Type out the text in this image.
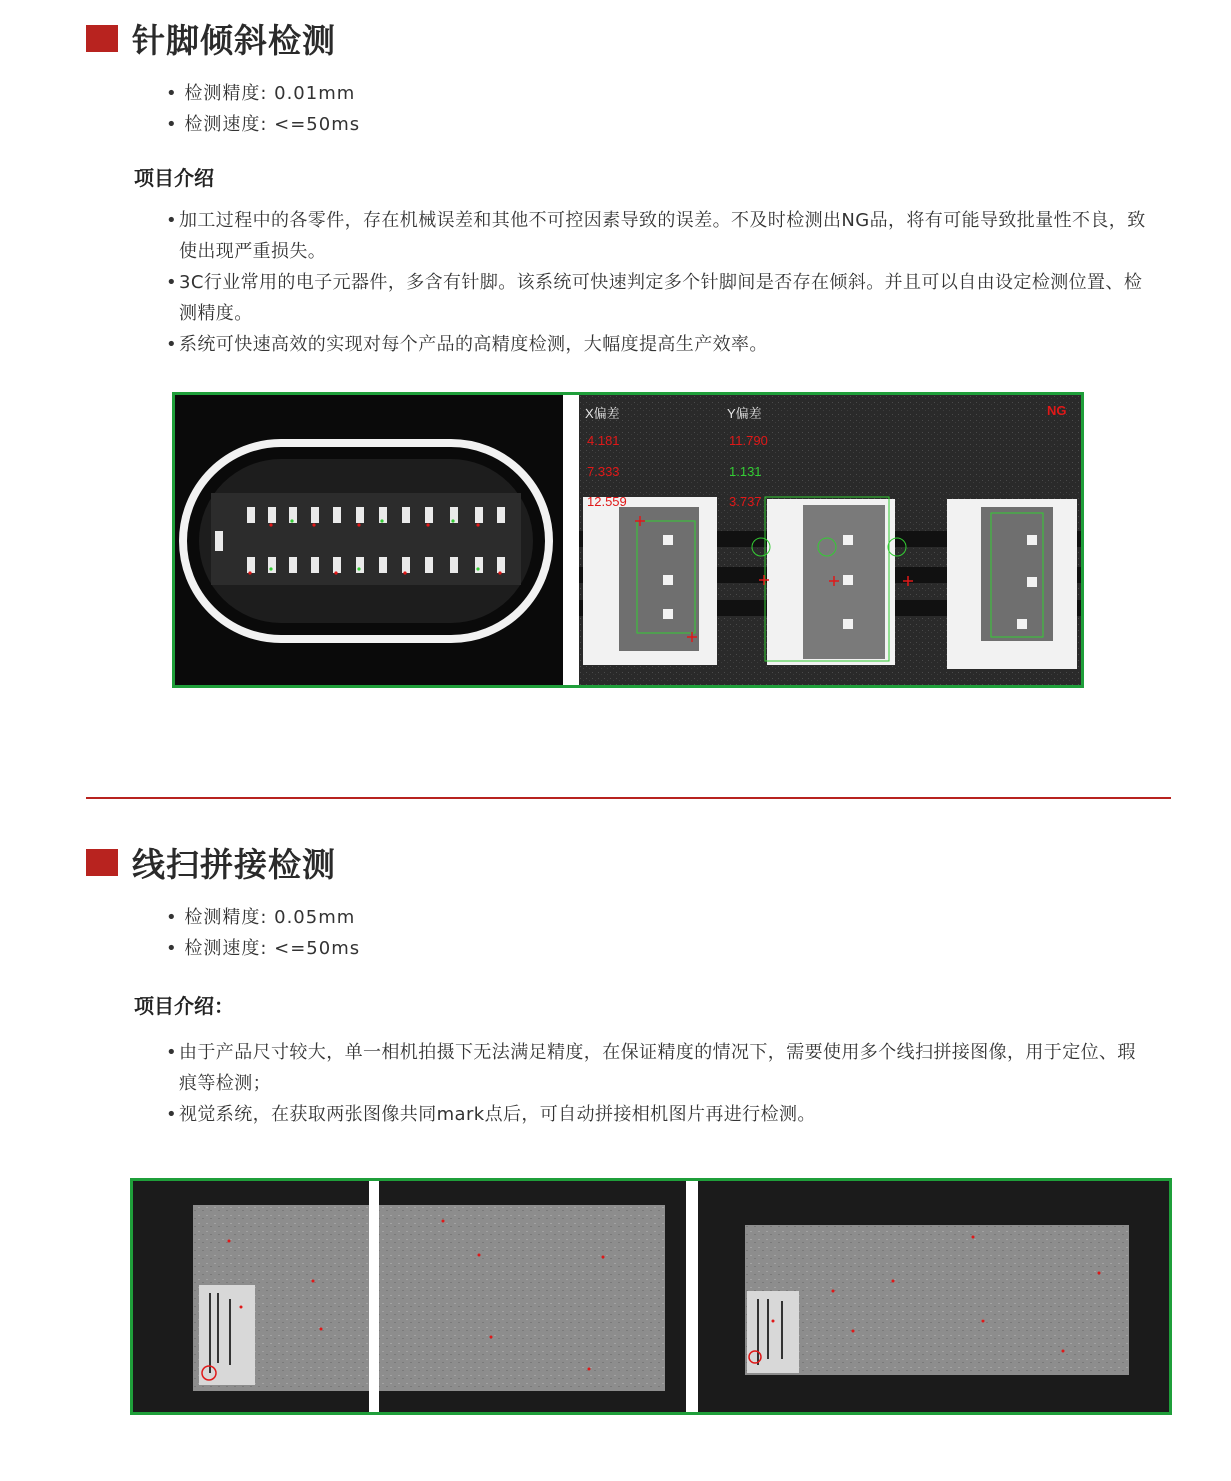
针脚倾斜检测
• 检测精度: 0.01mm
• 检测速度: <=50ms
项目介绍
• 加工过程中的各零件，存在机械误差和其他不可控因素导致的误差。不及时检测出NG品，将有可能导致批量性不良，致使出现严重损失。
• 3C行业常用的电子元器件，多含有针脚。该系统可快速判定多个针脚间是否存在倾斜。并且可以自由设定检测位置、检测精度。
• 系统可快速高效的实现对每个产品的高精度检测，大幅度提高生产效率。
X偏差	Y偏差	NG
4.181
7.333
12.559
11.790
1.131
3.737
线扫拼接检测
• 检测精度: 0.05mm
• 检测速度: <=50ms
项目介绍：
• 由于产品尺寸较大，单一相机拍摄下无法满足精度，在保证精度的情况下，需要使用多个线扫拼接图像，用于定位、瑕痕等检测；
• 视觉系统，在获取两张图像共同mark点后，可自动拼接相机图片再进行检测。
